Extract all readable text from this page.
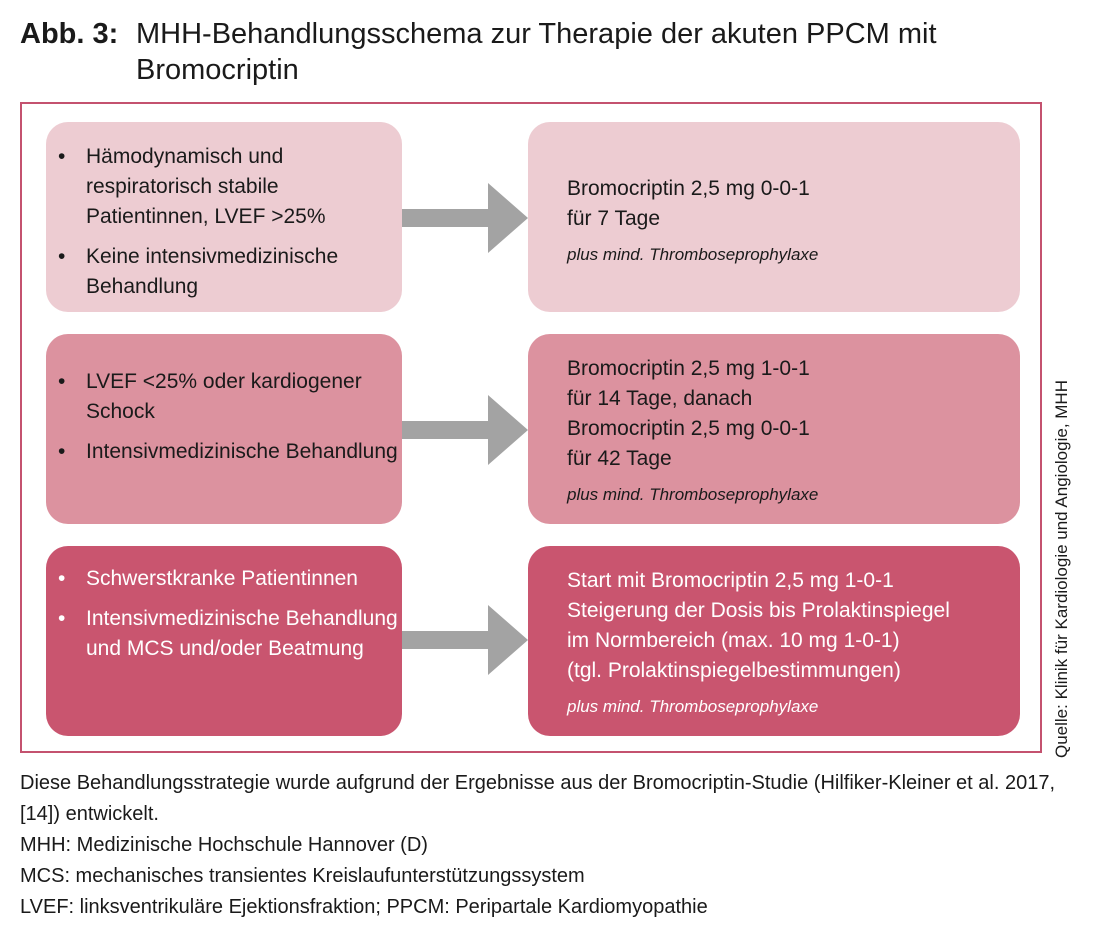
Abb. 3: MHH-Behandlungsschema zur Therapie der akuten PPCM mit Bromocriptin
• Hämodynamisch und respiratorisch stabile Patientinnen, LVEF >25%
• Keine intensivmedizinische Behandlung
Bromocriptin 2,5 mg 0-0-1
für 7 Tage
plus mind. Thromboseprophylaxe
• LVEF <25% oder kardiogener Schock
• Intensivmedizinische Behandlung
Bromocriptin 2,5 mg 1-0-1
für 14 Tage, danach
Bromocriptin 2,5 mg 0-0-1
für 42 Tage
plus mind. Thromboseprophylaxe
• Schwerstkranke Patientinnen
• Intensivmedizinische Behandlung und MCS und/oder Beatmung
Start mit Bromocriptin 2,5 mg 1-0-1
Steigerung der Dosis bis Prolaktinspiegel
im Normbereich (max. 10 mg 1-0-1)
(tgl. Prolaktinspiegelbestimmungen)
plus mind. Thromboseprophylaxe	Quelle: Klinik für Kardiologie und Angiologie, MHH
Diese Behandlungsstrategie wurde aufgrund der Ergebnisse aus der Bromocriptin-Studie (Hilfiker-Kleiner et al. 2017, [14]) entwickelt.
MHH: Medizinische Hochschule Hannover (D)
MCS: mechanisches transientes Kreislaufunterstützungssystem
LVEF: linksventrikuläre Ejektionsfraktion; PPCM: Peripartale Kardiomyopathie
